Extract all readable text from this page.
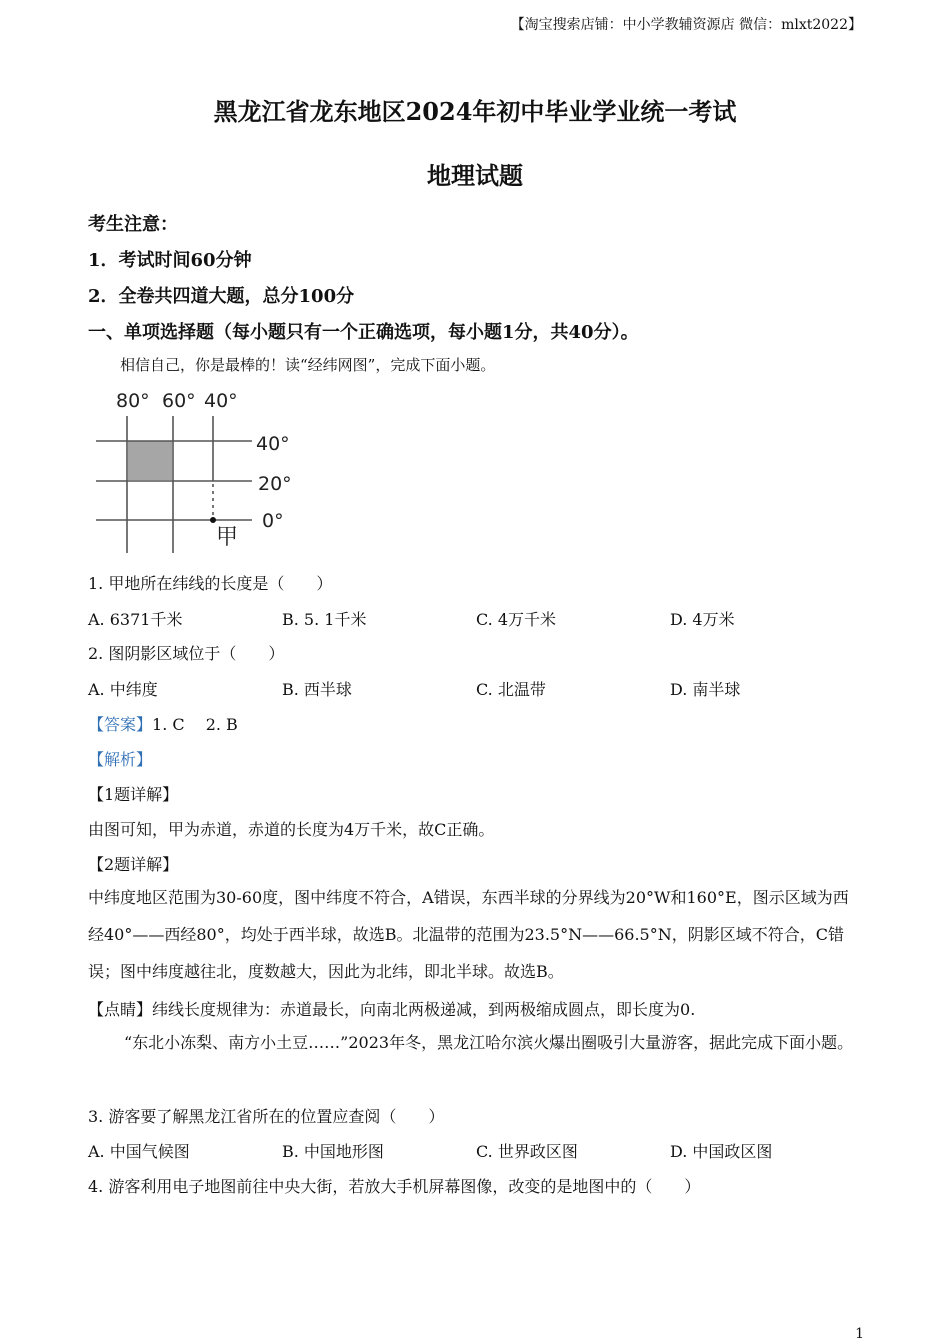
【淘宝搜索店铺：中小学教辅资源店 微信：mlxt2022】
黑龙江省龙东地区2024年初中毕业学业统一考试
地理试题
考生注意：
1．考试时间60分钟
2．全卷共四道大题，总分100分
一、单项选择题（每小题只有一个正确选项，每小题1分，共40分）。
相信自己，你是最棒的！读“经纬网图”，完成下面小题。
80° 60° 40°
40°
20°
0°
甲
1. 甲地所在纬线的长度是（　　）
A. 6371千米	B. 5. 1千米	C. 4万千米	D. 4万米
2. 图阴影区域位于（　　）
A. 中纬度	B. 西半球	C. 北温带	D. 南半球
【答案】1. C　 2. B
【解析】
【1题详解】
由图可知，甲为赤道，赤道的长度为4万千米，故C正确。
【2题详解】
中纬度地区范围为30-60度，图中纬度不符合，A错误，东西半球的分界线为20°W和160°E，图示区域为西经40°——西经80°，均处于西半球，故选B。北温带的范围为23.5°N——66.5°N，阴影区域不符合，C错误；图中纬度越往北，度数越大，因此为北纬，即北半球。故选B。
【点睛】纬线长度规律为：赤道最长，向南北两极递减，到两极缩成圆点，即长度为0.
“东北小冻梨、南方小土豆……”2023年冬，黑龙江哈尔滨火爆出圈吸引大量游客，据此完成下面小题。
3. 游客要了解黑龙江省所在的位置应查阅（　　）
A. 中国气候图	B. 中国地形图	C. 世界政区图	D. 中国政区图
4. 游客利用电子地图前往中央大街，若放大手机屏幕图像，改变的是地图中的（　　）
1
